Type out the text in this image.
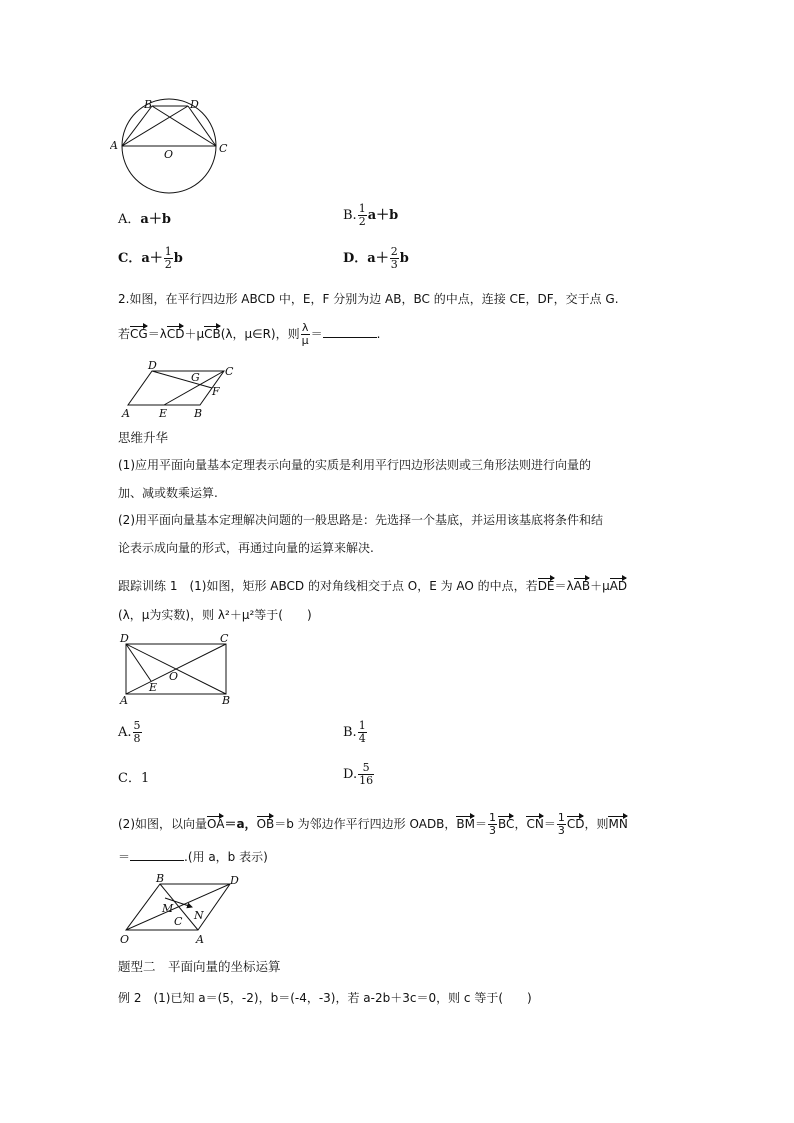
B	D
A
O	C
A．a＋b	B. $\frac{1}{2} a+b$
C．$a+ \frac{1}{2}$ b	D．$a+ \frac{2}{3}$ b
2.如图，在平行四边形 ABCD 中，E，F 分别为边 AB，BC 的中点，连接 CE，DF，交于点 G.
若CG＝λCD＋μCB(λ，μ∈R)，则 $\frac{\lambda}{\mu}$ ＝	.
D
G C
F
A	E B
思维升华
(1)应用平面向量基本定理表示向量的实质是利用平行四边形法则或三角形法则进行向量的
加、减或数乘运算.
(2)用平面向量基本定理解决问题的一般思路是：先选择一个基底，并运用该基底将条件和结
论表示成向量的形式，再通过向量的运算来解决.
跟踪训练 1　 (1)如图，矩形 ABCD 的对角线相交于点 O，E 为 AO 的中点，若DE＝λAB＋μAD
(λ，μ为实数)，则 λ²＋μ²等于(　　)
D	C
O
E
A	B
A. $\frac{5}{8}$	B. $\frac{1}{4}$
C．1	D. $\frac{5}{16}$
(2)如图，以向量OA＝a，OB＝b 为邻边作平行四边形 OADB，$BM= \frac{1}{3}$ BC，$CN= \frac{1}{3}$ CD，则MN
＝	.(用 a，b 表示)
B	D
M
N
C
O	A
题型二　平面向量的坐标运算
例 2　(1)已知 a＝(5，-2)，b＝(-4，-3)，若 a-2b＋3c＝0，则 c 等于(　　)
